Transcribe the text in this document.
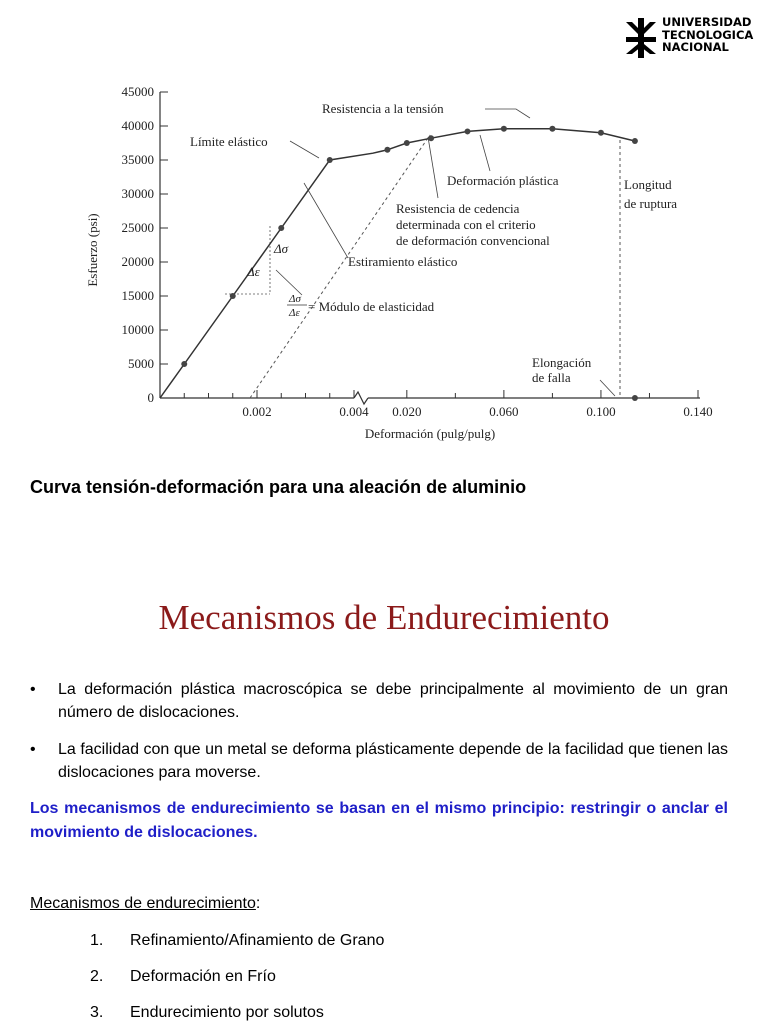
UNIVERSIDAD
TECNOLOGICA
NACIONAL
0
5000
10000
15000
20000
25000
30000
35000
40000
45000
0.002	0.004 0.020	0.060	0.100	0.140
Deformación (pulg/pulg)
Esfuerzo (psi)
Resistencia a la tensión
Límite elástico
Deformación plástica	Longitud
de ruptura
Resistencia de cedencia
determinada con el criterio
de deformación convencional
Estiramiento elástico
Δσ
Δε
Δσ
Δε = Módulo de elasticidad
Elongación
de falla
Curva tensión-deformación para una aleación de aluminio
Mecanismos de Endurecimiento
• La deformación plástica macroscópica se debe principalmente al movimiento de un gran número de dislocaciones.
• La facilidad con que un metal se deforma plásticamente depende de la facilidad que tienen las dislocaciones para moverse.
Los mecanismos de endurecimiento se basan en el mismo principio: restringir o anclar el movimiento de dislocaciones.
Mecanismos de endurecimiento:
1. Refinamiento/Afinamiento de Grano
2. Deformación en Frío
3. Endurecimiento por solutos
